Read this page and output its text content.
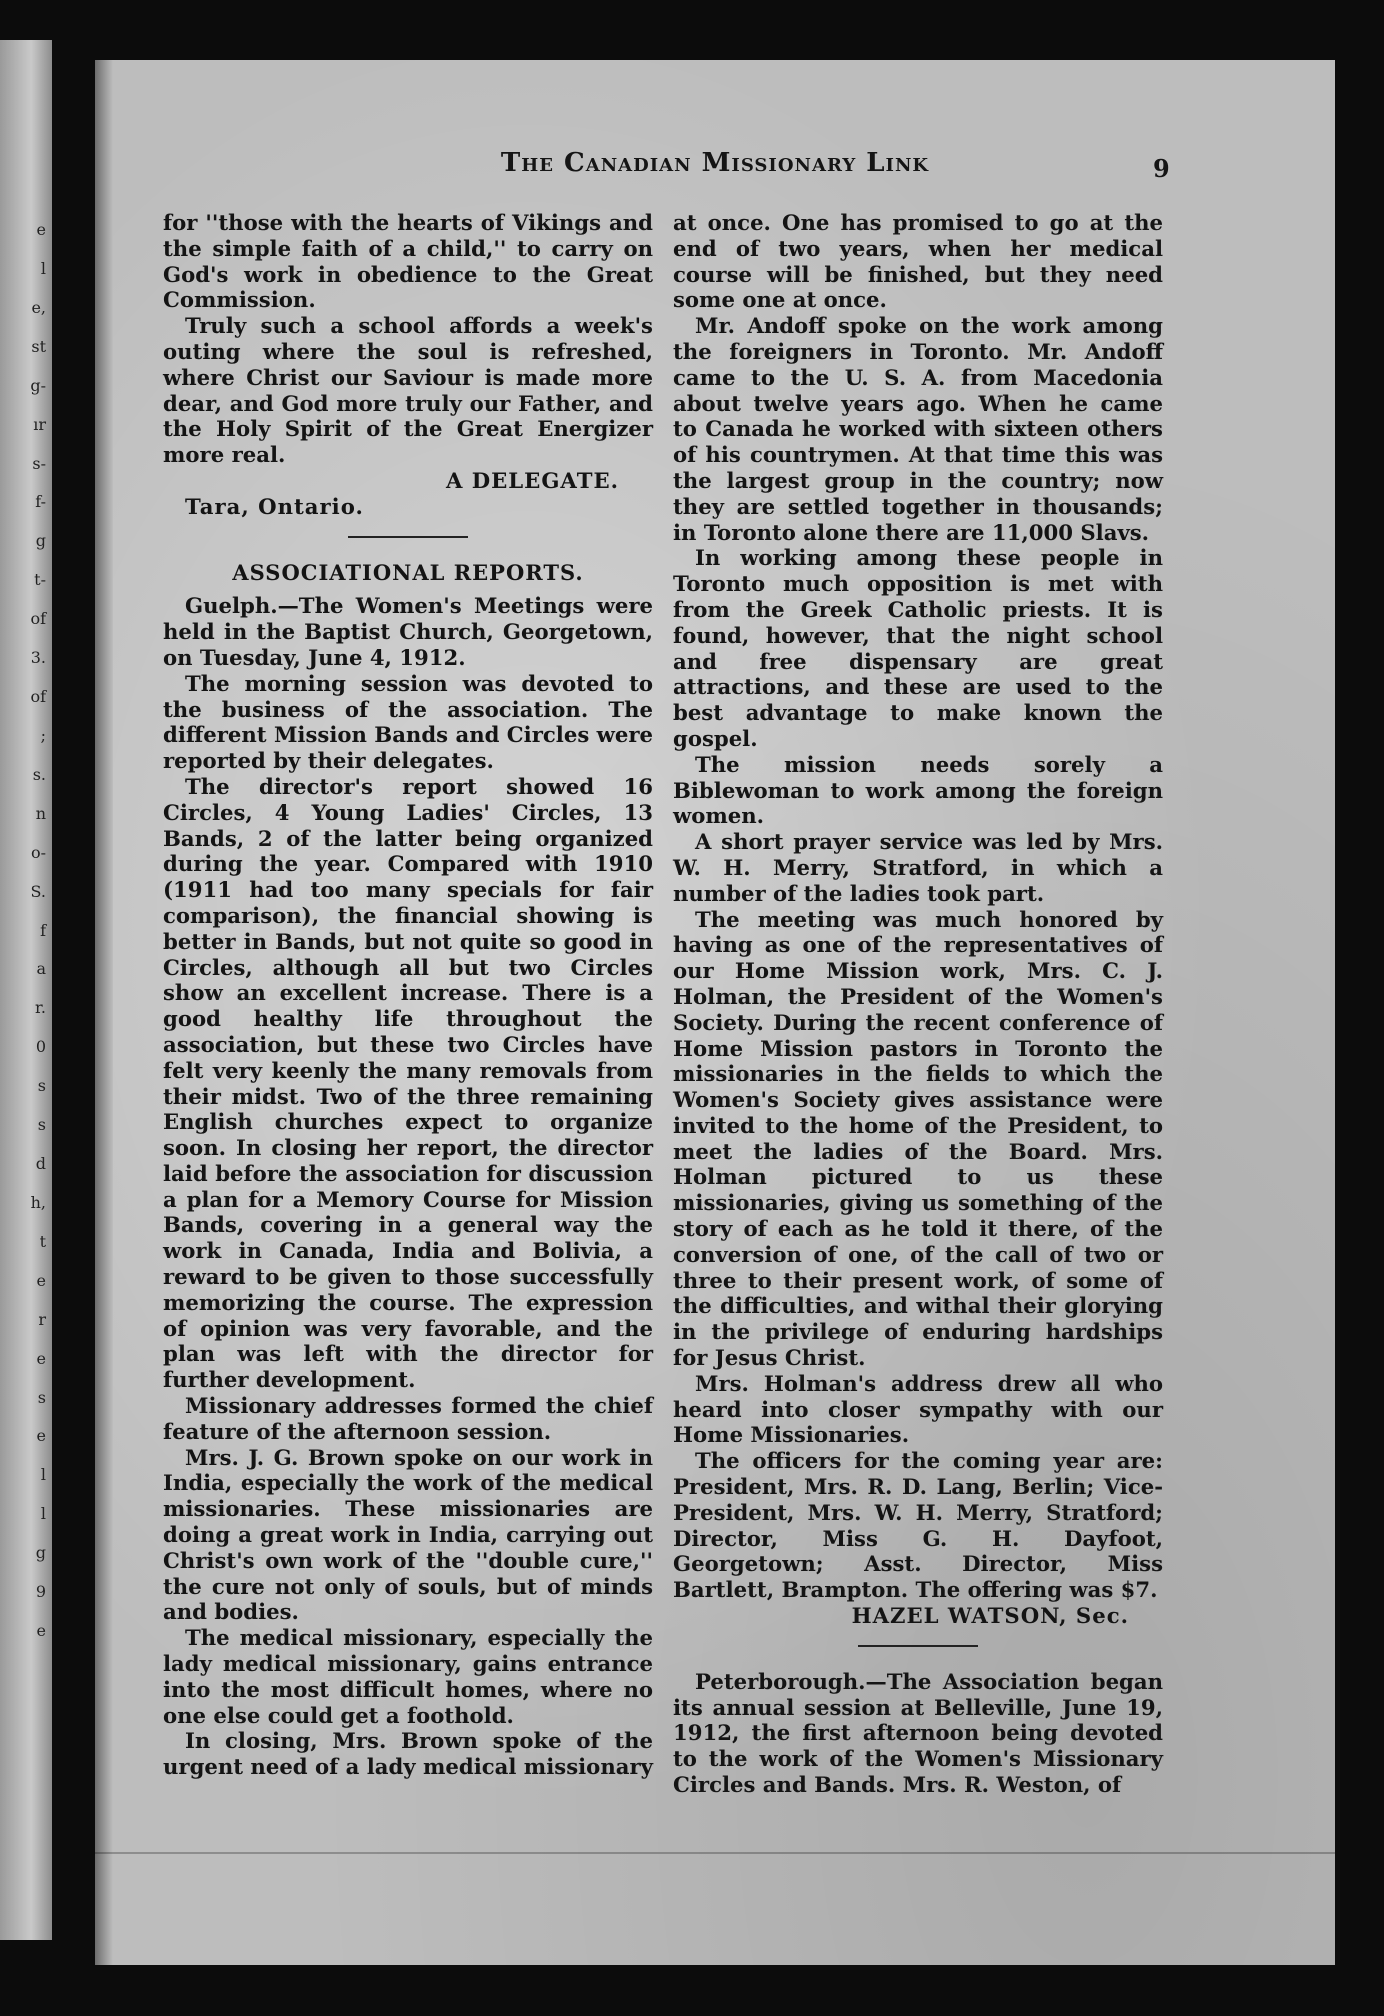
e
l
e,
st
g-
ır
s-
f-
g
t-
of
3.
of
;
s.
n
o-
S.
f
a
r.
0
s
s
d
h,
t
e
r
e
s
e
l
l
g
9
e
The Canadian Missionary Link	9

for ''those with the hearts of Vikings and the simple faith of a child,'' to carry on God's work in obedience to the Great Commission.

Truly such a school affords a week's outing where the soul is refreshed, where Christ our Saviour is made more dear, and God more truly our Father, and the Holy Spirit of the Great Energizer more real.

A DELEGATE.

Tara, Ontario.

ASSOCIATIONAL REPORTS.

Guelph.—The Women's Meetings were held in the Baptist Church, Georgetown, on Tuesday, June 4, 1912.

The morning session was devoted to the business of the association. The different Mission Bands and Circles were reported by their delegates.

The director's report showed 16 Circles, 4 Young Ladies' Circles, 13 Bands, 2 of the latter being organized during the year. Compared with 1910 (1911 had too many specials for fair comparison), the financial showing is better in Bands, but not quite so good in Circles, although all but two Circles show an excellent increase. There is a good healthy life throughout the association, but these two Circles have felt very keenly the many removals from their midst. Two of the three remaining English churches expect to organize soon. In closing her report, the director laid before the association for discussion a plan for a Memory Course for Mission Bands, covering in a general way the work in Canada, India and Bolivia, a reward to be given to those successfully memorizing the course. The expression of opinion was very favorable, and the plan was left with the director for further development.

Missionary addresses formed the chief feature of the afternoon session.

Mrs. J. G. Brown spoke on our work in India, especially the work of the medical missionaries. These missionaries are doing a great work in India, carrying out Christ's own work of the ''double cure,'' the cure not only of souls, but of minds and bodies.

The medical missionary, especially the lady medical missionary, gains entrance into the most difficult homes, where no one else could get a foothold.

In closing, Mrs. Brown spoke of the urgent need of a lady medical missionary

at once. One has promised to go at the end of two years, when her medical course will be finished, but they need some one at once.

Mr. Andoff spoke on the work among the foreigners in Toronto. Mr. Andoff came to the U. S. A. from Macedonia about twelve years ago. When he came to Canada he worked with sixteen others of his countrymen. At that time this was the largest group in the country; now they are settled together in thousands; in Toronto alone there are 11,000 Slavs.

In working among these people in Toronto much opposition is met with from the Greek Catholic priests. It is found, however, that the night school and free dispensary are great attractions, and these are used to the best advantage to make known the gospel.

The mission needs sorely a Biblewoman to work among the foreign women.

A short prayer service was led by Mrs. W. H. Merry, Stratford, in which a number of the ladies took part.

The meeting was much honored by having as one of the representatives of our Home Mission work, Mrs. C. J. Holman, the President of the Women's Society. During the recent conference of Home Mission pastors in Toronto the missionaries in the fields to which the Women's Society gives assistance were invited to the home of the President, to meet the ladies of the Board. Mrs. Holman pictured to us these missionaries, giving us something of the story of each as he told it there, of the conversion of one, of the call of two or three to their present work, of some of the difficulties, and withal their glorying in the privilege of enduring hardships for Jesus Christ.

Mrs. Holman's address drew all who heard into closer sympathy with our Home Missionaries.

The officers for the coming year are: President, Mrs. R. D. Lang, Berlin; Vice-President, Mrs. W. H. Merry, Stratford; Director, Miss G. H. Dayfoot, Georgetown; Asst. Director, Miss Bartlett, Brampton. The offering was $7.

HAZEL WATSON, Sec.

Peterborough.—The Association began its annual session at Belleville, June 19, 1912, the first afternoon being devoted to the work of the Women's Missionary Circles and Bands. Mrs. R. Weston, of
